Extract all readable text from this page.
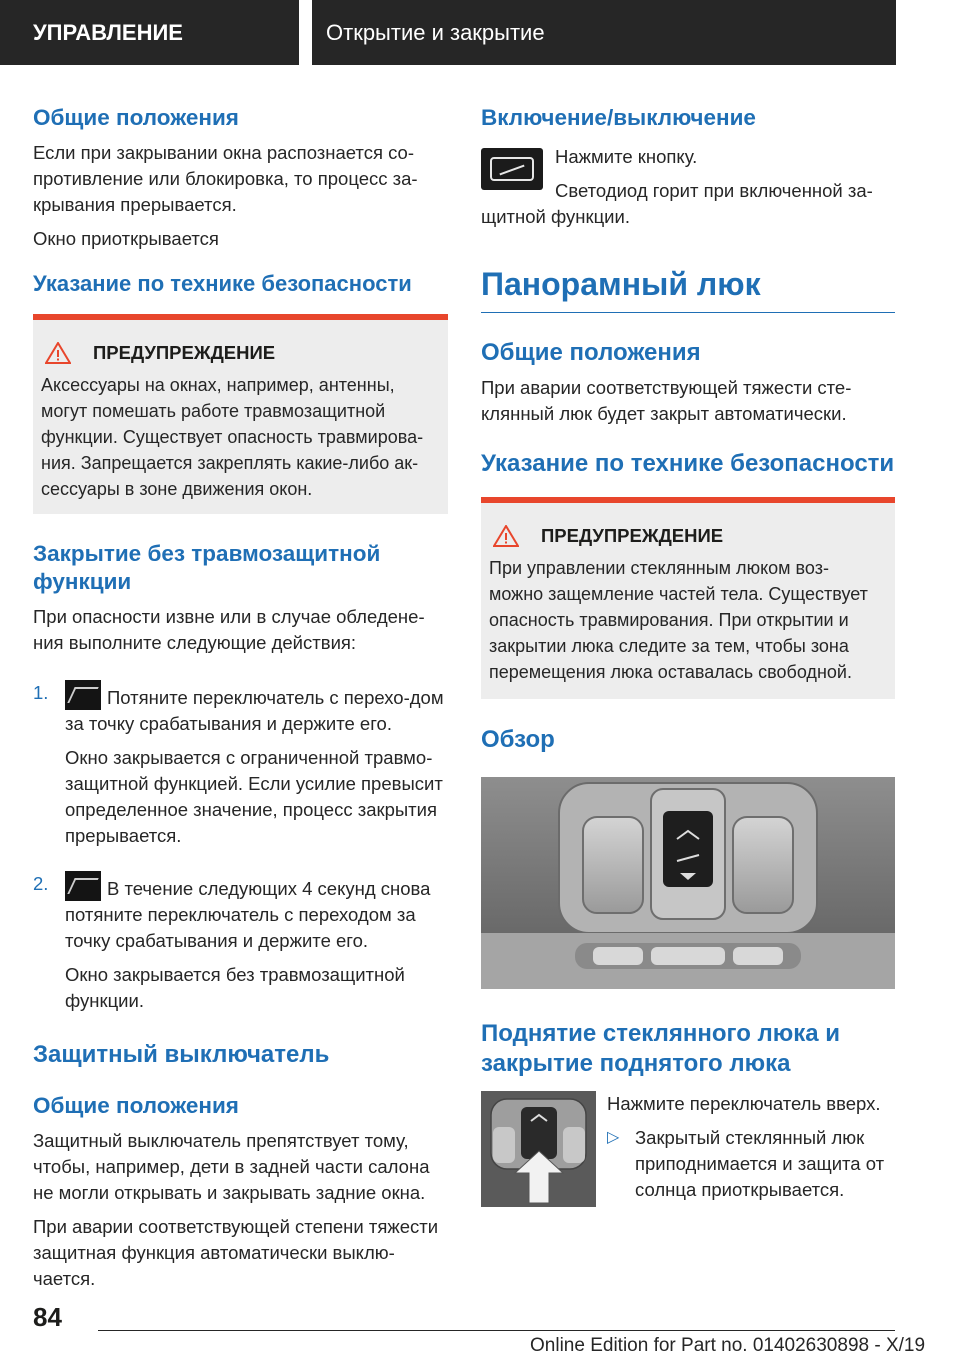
УПРАВЛЕНИЕ	Открытие и закрытие
Общие положения

Если при закрывании окна распознается со-противление или блокировка, то процесс за-крывания прерывается.

Окно приоткрывается

Указание по технике безопасности
ПРЕДУПРЕЖДЕНИЕ

Аксессуары на окнах, например, антенны, могут помешать работе травмозащитной функции. Существует опасность травмирова-ния. Запрещается закреплять какие-либо ак-сессуары в зоне движения окон.

Закрытие без травмозащитной функции

При опасности извне или в случае обледене-ния выполните следующие действия:

1.	Потяните переключатель с перехо-дом за точку срабатывания и держите его.

Окно закрывается с ограниченной травмо-защитной функцией. Если усилие превысит определенное значение, процесс закрытия прерывается.

2.	В течение следующих 4 секунд снова потяните переключатель с переходом за точку срабатывания и держите его.

Окно закрывается без травмозащитной функции.

Защитный выключатель
Общие положения

Защитный выключатель препятствует тому, чтобы, например, дети в задней части салона не могли открывать и закрывать задние окна.

При аварии соответствующей степени тяжести защитная функция автоматически выклю-чается.

Включение/выключение

Нажмите кнопку.

Светодиод горит при включенной за-щитной функции.

Панорамный люк
Общие положения

При аварии соответствующей тяжести сте-клянный люк будет закрыт автоматически.

Указание по технике безопасности
ПРЕДУПРЕЖДЕНИЕ

При управлении стеклянным люком воз-можно защемление частей тела. Существует опасность травмирования. При открытии и закрытии люка следите за тем, чтобы зона перемещения люка оставалась свободной.

Обзор
Поднятие стеклянного люка и закрытие поднятого люка

Нажмите переключатель вверх.

▷ Закрытый стеклянный люк приподнимается и защита от солнца приоткрывается.

84
Online Edition for Part no. 01402630898 - X/19
